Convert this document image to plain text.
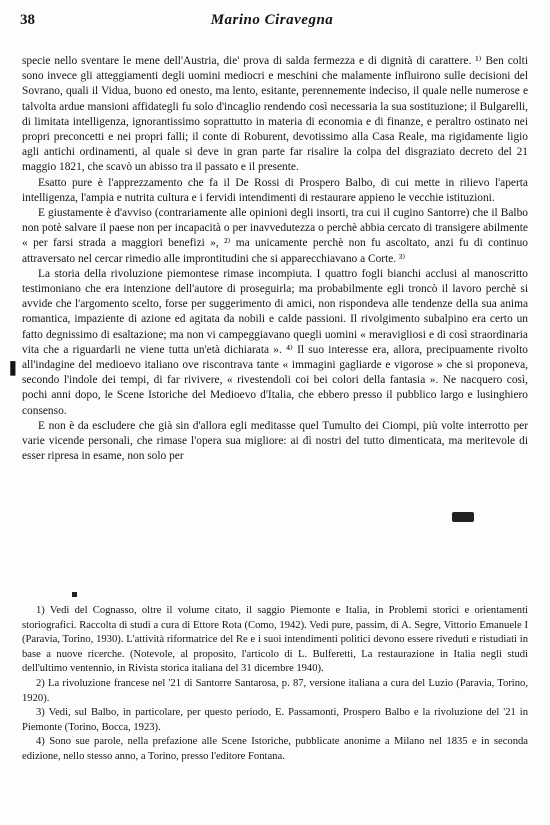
38	Marino Ciravegna
❚

specie nello sventare le mene dell'Austria, die' prova di salda fermezza e di dignità di carattere. ¹⁾ Ben colti sono invece gli atteggiamenti degli uomini mediocri e meschini che malamente influirono sulle decisioni del Sovrano, quali il Vidua, buono ed onesto, ma lento, esitante, perennemente indeciso, il quale nelle numerose e talvolta ardue mansioni affidategli fu solo d'incaglio rendendo così necessaria la sua sostituzione; il Bulgarelli, di limitata intelligenza, ignorantissimo soprattutto in materia di economia e di finanze, e peraltro ostinato nei propri preconcetti e nei propri falli; il conte di Roburent, devotissimo alla Casa Reale, ma rigidamente ligio agli antichi ordinamenti, al quale si deve in gran parte far risalire la colpa del disgraziato decreto del 21 maggio 1821, che scavò un abisso tra il passato e il presente.

Esatto pure è l'apprezzamento che fa il De Rossi di Prospero Balbo, di cui mette in rilievo l'aperta intelligenza, l'ampia e nutrita cultura e i fervidi intendimenti di restaurare appieno le vecchie istituzioni.

E giustamente è d'avviso (contrariamente alle opinioni degli insorti, tra cui il cugino Santorre) che il Balbo non potè salvare il paese non per incapacità o per inavvedutezza o perchè abbia cercato di transigere abilmente « per farsi strada a maggiori benefizi », ²⁾ ma unicamente perchè non fu ascoltato, anzi fu di continuo attraversato nel cercar rimedio alle improntitudini che si apparecchiavano a Corte. ³⁾

La storia della rivoluzione piemontese rimase incompiuta. I quattro fogli bianchi acclusi al manoscritto testimoniano che era intenzione dell'autore di proseguirla; ma probabilmente egli troncò il lavoro perchè si avvide che l'argomento scelto, forse per suggerimento di amici, non rispondeva alle tendenze della sua anima romantica, impaziente di azione ed agitata da nobili e calde passioni. Il rivolgimento subalpino era certo un fatto degnissimo di esaltazione; ma non vi campeggiavano quegli uomini « meravigliosi e di così straordinaria vita che a riguardarli ne viene tutta un'età dichiarata ». ⁴⁾ Il suo interesse era, allora, precipuamente rivolto all'indagine del medioevo italiano ove riscontrava tante « immagini gagliarde e vigorose » che si proponeva, secondo l'indole dei tempi, di far rivivere, « rivestendoli coi bei colori della fantasia ». Ne nacquero così, pochi anni dopo, le Scene Istoriche del Medioevo d'Italia, che ebbero presso il pubblico largo e lusinghiero consenso.

E non è da escludere che già sin d'allora egli meditasse quel Tumulto dei Ciompi, più volte interrotto per varie vicende personali, che rimase l'opera sua migliore: ai dì nostri del tutto dimenticata, ma meritevole di esser ripresa in esame, non solo per

1) Vedi del Cognasso, oltre il volume citato, il saggio Piemonte e Italia, in Problemi storici e orientamenti storiografici. Raccolta di studi a cura di Ettore Rota (Como, 1942). Vedi pure, passim, di A. Segre, Vittorio Emanuele I (Paravia, Torino, 1930). L'attività riformatrice del Re e i suoi intendimenti politici devono essere riveduti e ristudiati in base a nuove ricerche. (Notevole, al proposito, l'articolo di L. Bulferetti, La restaurazione in Italia negli studi dell'ultimo ventennio, in Rivista storica italiana del 31 dicembre 1940).

2) La rivoluzione francese nel '21 di Santorre Santarosa, p. 87, versione italiana a cura del Luzio (Paravia, Torino, 1920).

3) Vedi, sul Balbo, in particolare, per questo periodo, E. Passamonti, Prospero Balbo e la rivoluzione del '21 in Piemonte (Torino, Bocca, 1923).

4) Sono sue parole, nella prefazione alle Scene Istoriche, pubblicate anonime a Milano nel 1835 e in seconda edizione, nello stesso anno, a Torino, presso l'editore Fontana.
